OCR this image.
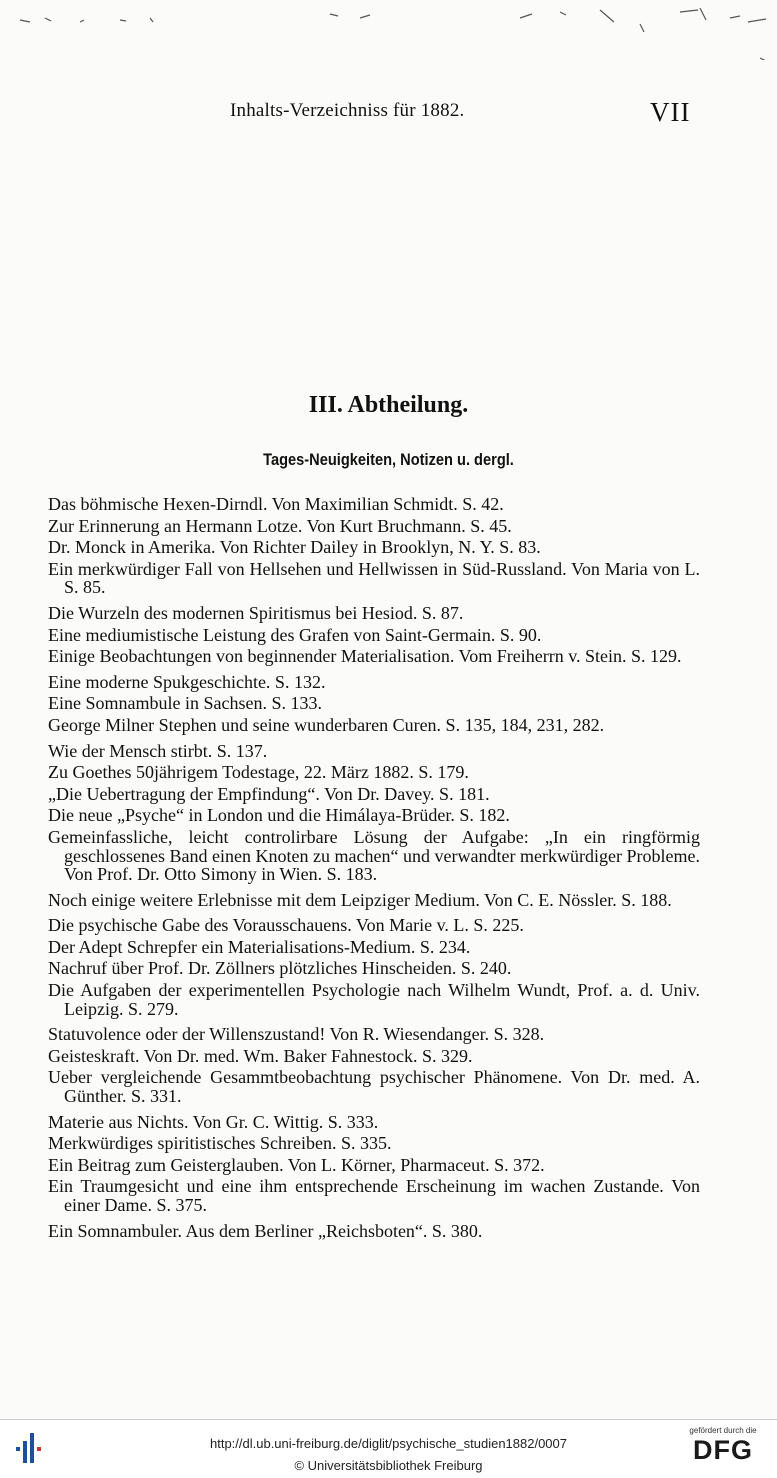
Inhalts-Verzeichniss für 1882.	VII
III. Abtheilung.
Tages-Neuigkeiten, Notizen u. dergl.
Das böhmische Hexen-Dirndl. Von Maximilian Schmidt. S. 42.
Zur Erinnerung an Hermann Lotze. Von Kurt Bruchmann. S. 45.
Dr. Monck in Amerika. Von Richter Dailey in Brooklyn, N. Y. S. 83.
Ein merkwürdiger Fall von Hellsehen und Hellwissen in Süd-Russland. Von Maria von L. S. 85.
Die Wurzeln des modernen Spiritismus bei Hesiod. S. 87.
Eine mediumistische Leistung des Grafen von Saint-Germain. S. 90.
Einige Beobachtungen von beginnender Materialisation. Vom Freiherrn v. Stein. S. 129.
Eine moderne Spukgeschichte. S. 132.
Eine Somnambule in Sachsen. S. 133.
George Milner Stephen und seine wunderbaren Curen. S. 135, 184, 231, 282.
Wie der Mensch stirbt. S. 137.
Zu Goethes 50jährigem Todestage, 22. März 1882. S. 179.
„Die Uebertragung der Empfindung“. Von Dr. Davey. S. 181.
Die neue „Psyche“ in London und die Himálaya-Brüder. S. 182.
Gemeinfassliche, leicht controlirbare Lösung der Aufgabe: „In ein ringförmig geschlossenes Band einen Knoten zu machen“ und verwandter merkwürdiger Probleme. Von Prof. Dr. Otto Simony in Wien. S. 183.
Noch einige weitere Erlebnisse mit dem Leipziger Medium. Von C. E. Nössler. S. 188.
Die psychische Gabe des Vorausschauens. Von Marie v. L. S. 225.
Der Adept Schrepfer ein Materialisations-Medium. S. 234.
Nachruf über Prof. Dr. Zöllners plötzliches Hinscheiden. S. 240.
Die Aufgaben der experimentellen Psychologie nach Wilhelm Wundt, Prof. a. d. Univ. Leipzig. S. 279.
Statuvolence oder der Willenszustand! Von R. Wiesendanger. S. 328.
Geisteskraft. Von Dr. med. Wm. Baker Fahnestock. S. 329.
Ueber vergleichende Gesammtbeobachtung psychischer Phänomene. Von Dr. med. A. Günther. S. 331.
Materie aus Nichts. Von Gr. C. Wittig. S. 333.
Merkwürdiges spiritistisches Schreiben. S. 335.
Ein Beitrag zum Geisterglauben. Von L. Körner, Pharmaceut. S. 372.
Ein Traumgesicht und eine ihm entsprechende Erscheinung im wachen Zustande. Von einer Dame. S. 375.
Ein Somnambuler. Aus dem Berliner „Reichsboten“. S. 380.
http://dl.ub.uni-freiburg.de/diglit/psychische_studien1882/0007
© Universitätsbibliothek Freiburg
gefördert durch die
DFG
